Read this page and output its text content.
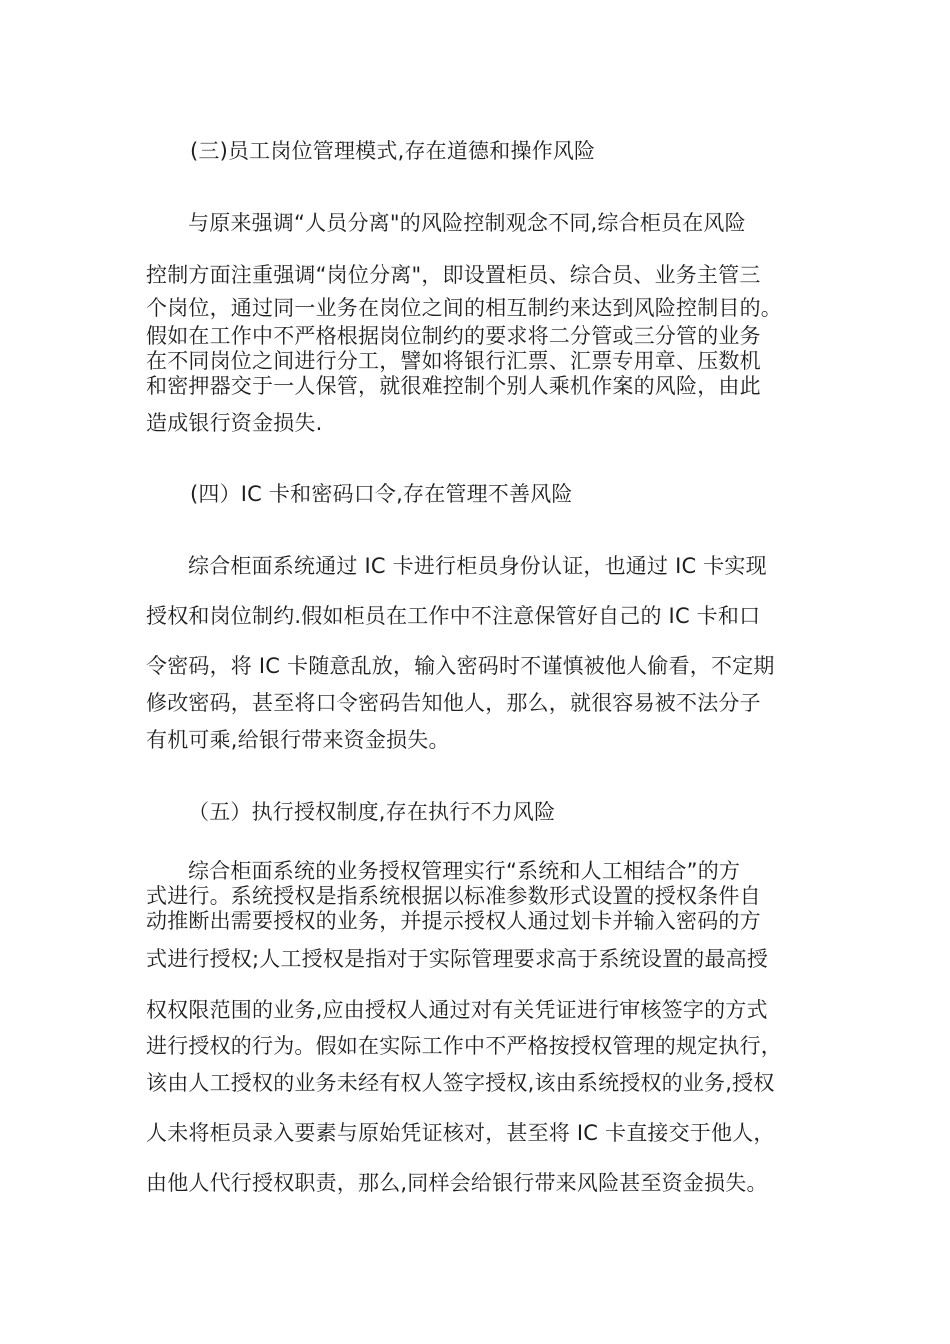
(三)员工岗位管理模式,存在道德和操作风险
与原来强调“人员分离"的风险控制观念不同,综合柜员在风险
控制方面注重强调“岗位分离"，即设置柜员、综合员、业务主管三
个岗位，通过同一业务在岗位之间的相互制约来达到风险控制目的。
假如在工作中不严格根据岗位制约的要求将二分管或三分管的业务
在不同岗位之间进行分工，譬如将银行汇票、汇票专用章、压数机
和密押器交于一人保管，就很难控制个别人乘机作案的风险，由此
造成银行资金损失.
(四）IC 卡和密码口令,存在管理不善风险
综合柜面系统通过 IC 卡进行柜员身份认证，也通过 IC 卡实现
授权和岗位制约.假如柜员在工作中不注意保管好自己的 IC 卡和口
令密码，将 IC 卡随意乱放，输入密码时不谨慎被他人偷看，不定期
修改密码，甚至将口令密码告知他人，那么，就很容易被不法分子
有机可乘,给银行带来资金损失。
（五）执行授权制度,存在执行不力风险
综合柜面系统的业务授权管理实行“系统和人工相结合”的方
式进行。系统授权是指系统根据以标准参数形式设置的授权条件自
动推断出需要授权的业务，并提示授权人通过划卡并输入密码的方
式进行授权;人工授权是指对于实际管理要求高于系统设置的最高授
权权限范围的业务,应由授权人通过对有关凭证进行审核签字的方式
进行授权的行为。假如在实际工作中不严格按授权管理的规定执行，
该由人工授权的业务未经有权人签字授权,该由系统授权的业务,授权
人未将柜员录入要素与原始凭证核对，甚至将 IC 卡直接交于他人，
由他人代行授权职责，那么,同样会给银行带来风险甚至资金损失。
